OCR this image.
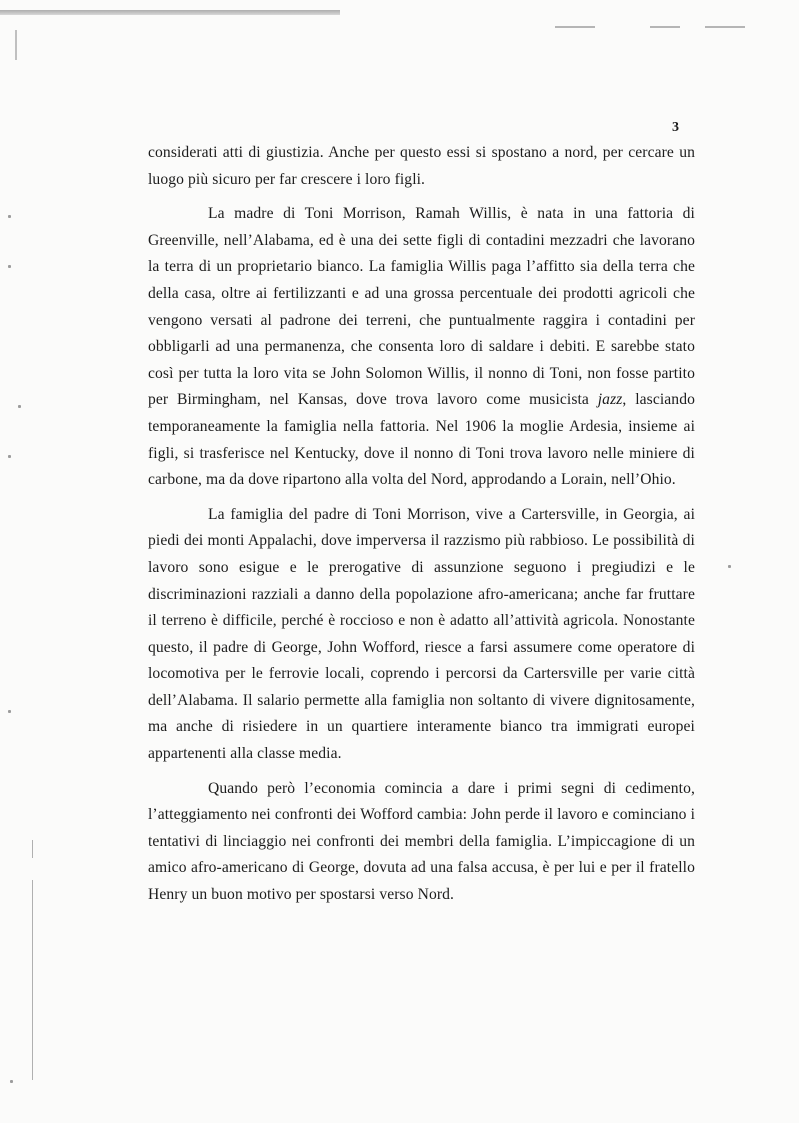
3

considerati atti di giustizia. Anche per questo essi si spostano a nord, per cercare un luogo più sicuro per far crescere i loro figli.

La madre di Toni Morrison, Ramah Willis, è nata in una fattoria di Greenville, nell’Alabama, ed è una dei sette figli di contadini mezzadri che lavorano la terra di un proprietario bianco. La famiglia Willis paga l’affitto sia della terra che della casa, oltre ai fertilizzanti e ad una grossa percentuale dei prodotti agricoli che vengono versati al padrone dei terreni, che puntualmente raggira i contadini per obbligarli ad una permanenza, che consenta loro di saldare i debiti. E sarebbe stato così per tutta la loro vita se John Solomon Willis, il nonno di Toni, non fosse partito per Birmingham, nel Kansas, dove trova lavoro come musicista jazz, lasciando temporaneamente la famiglia nella fattoria. Nel 1906 la moglie Ardesia, insieme ai figli, si trasferisce nel Kentucky, dove il nonno di Toni trova lavoro nelle miniere di carbone, ma da dove ripartono alla volta del Nord, approdando a Lorain, nell’Ohio.

La famiglia del padre di Toni Morrison, vive a Cartersville, in Georgia, ai piedi dei monti Appalachi, dove imperversa il razzismo più rabbioso. Le possibilità di lavoro sono esigue e le prerogative di assunzione seguono i pregiudizi e le discriminazioni razziali a danno della popolazione afro-americana; anche far fruttare il terreno è difficile, perché è roccioso e non è adatto all’attività agricola. Nonostante questo, il padre di George, John Wofford, riesce a farsi assumere come operatore di locomotiva per le ferrovie locali, coprendo i percorsi da Cartersville per varie città dell’Alabama. Il salario permette alla famiglia non soltanto di vivere dignitosamente, ma anche di risiedere in un quartiere interamente bianco tra immigrati europei appartenenti alla classe media.

Quando però l’economia comincia a dare i primi segni di cedimento, l’atteggiamento nei confronti dei Wofford cambia: John perde il lavoro e cominciano i tentativi di linciaggio nei confronti dei membri della famiglia. L’impiccagione di un amico afro-americano di George, dovuta ad una falsa accusa, è per lui e per il fratello Henry un buon motivo per spostarsi verso Nord.
